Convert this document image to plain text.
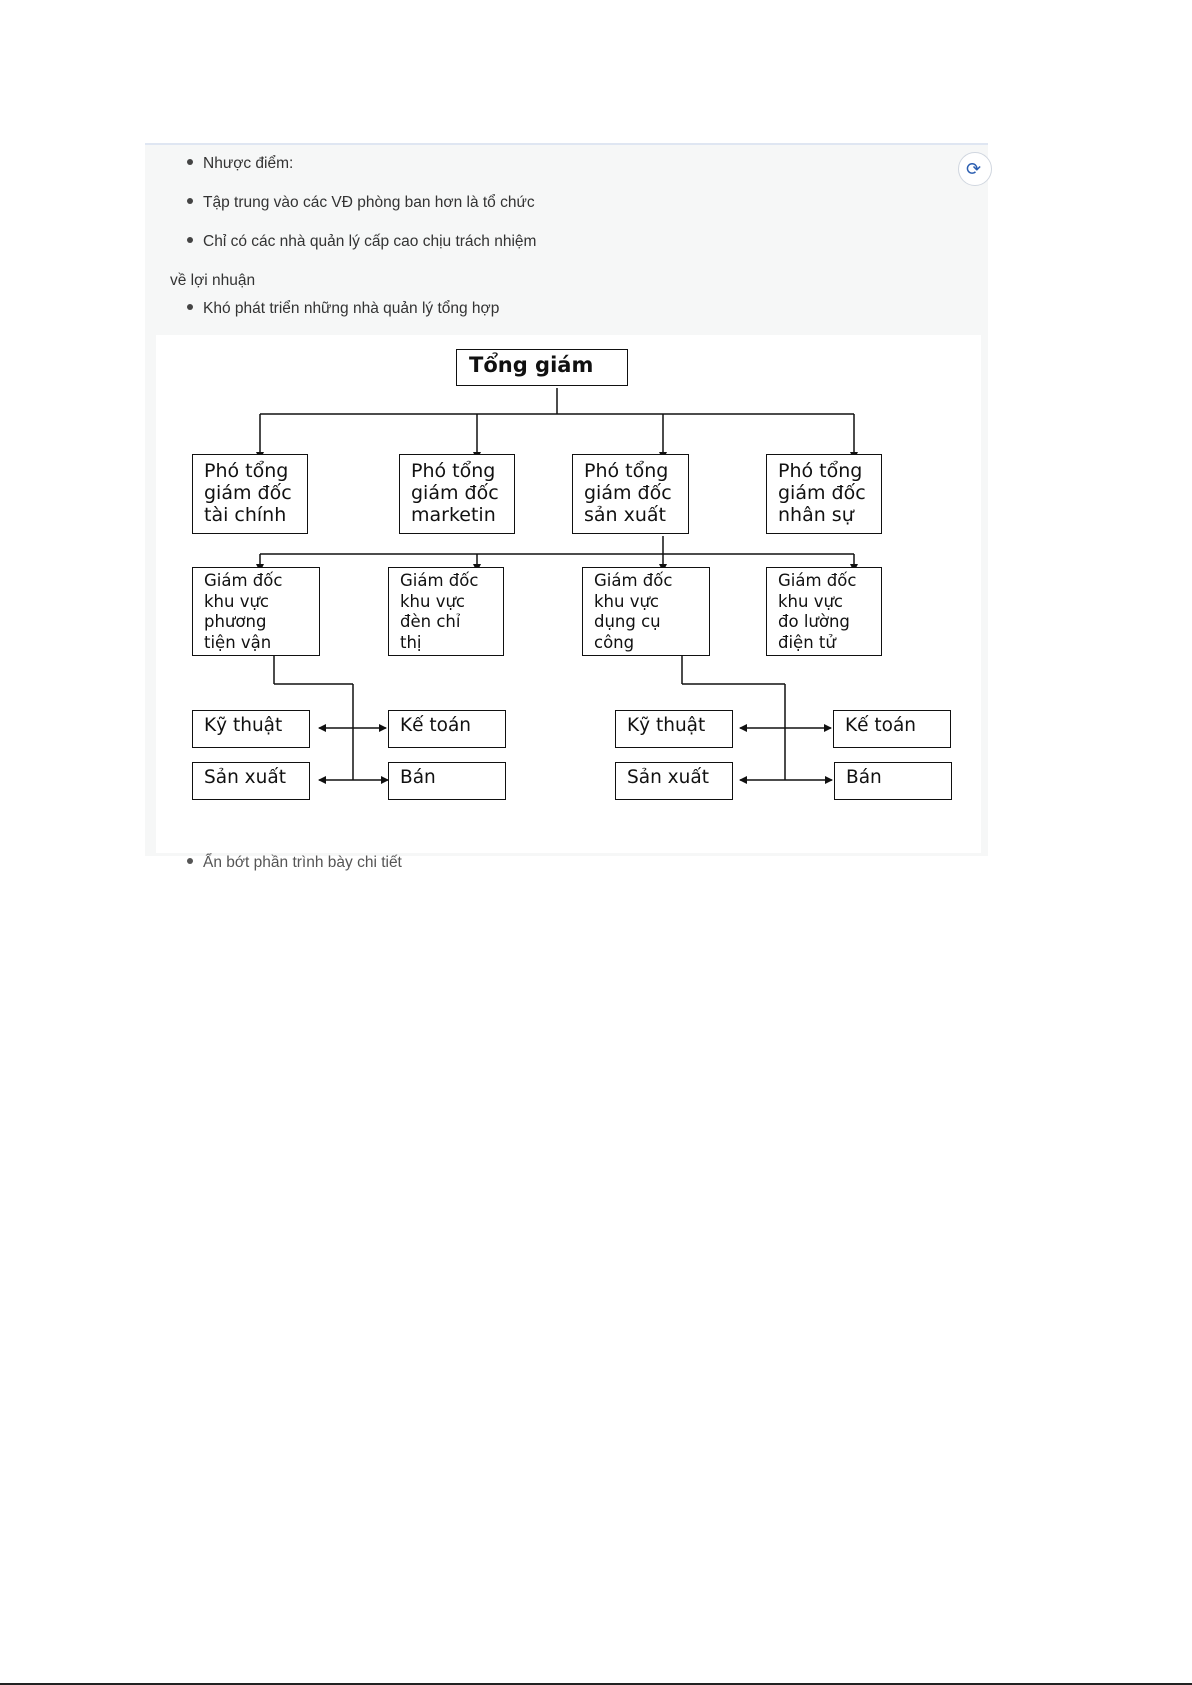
Nhược điểm:
Tập trung vào các VĐ phòng ban hơn là tổ chức
Chỉ có các nhà quản lý cấp cao chịu trách nhiệm
về lợi nhuận
Khó phát triển những nhà quản lý tổng hợp
Tổng giám
Phó tổng
giám đốc
tài chính
Phó tổng
giám đốc
marketin
Phó tổng
giám đốc
sản xuất
Phó tổng
giám đốc
nhân sự
Giám đốc
khu vực
phương
tiện vận
Giám đốc
khu vực
đèn chỉ
thị
Giám đốc
khu vực
dụng cụ
công
Giám đốc
khu vực
đo lường
điện tử
Kỹ thuật	Kế toán
Sản xuất	Bán
Kỹ thuật	Kế toán
Sản xuất	Bán
⟳
Ẩn bớt phần trình bày chi tiết
